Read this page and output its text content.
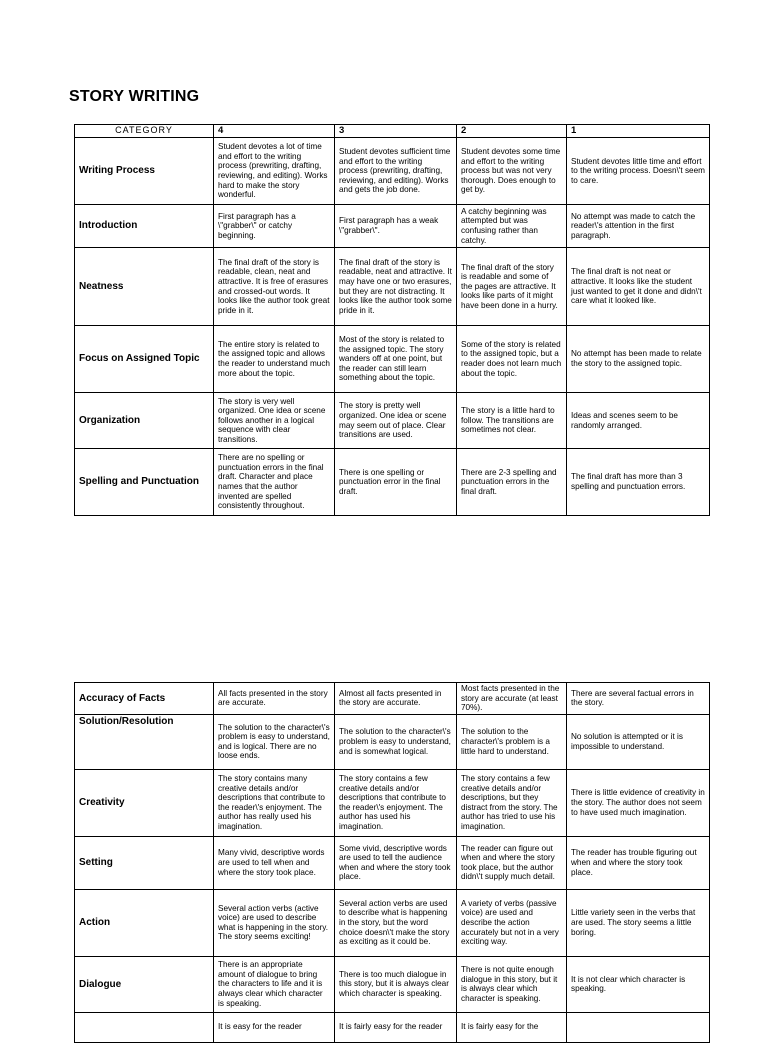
STORY WRITING
CATEGORY	4	3	2	1
Writing Process	Student devotes a lot of time and effort to the writing process (prewriting, drafting, reviewing, and editing). Works hard to make the story wonderful.	Student devotes sufficient time and effort to the writing process (prewriting, drafting, reviewing, and editing). Works and gets the job done.	Student devotes some time and effort to the writing process but was not very thorough. Does enough to get by.	Student devotes little time and effort to the writing process. Doesn\'t seem to care.
Introduction	First paragraph has a \"grabber\" or catchy beginning.	First paragraph has a weak \"grabber\".	A catchy beginning was attempted but was confusing rather than catchy.	No attempt was made to catch the reader\'s attention in the first paragraph.
Neatness	The final draft of the story is readable, clean, neat and attractive. It is free of erasures and crossed-out words. It looks like the author took great pride in it.	The final draft of the story is readable, neat and attractive. It may have one or two erasures, but they are not distracting. It looks like the author took some pride in it.	The final draft of the story is readable and some of the pages are attractive. It looks like parts of it might have been done in a hurry.	The final draft is not neat or attractive. It looks like the student just wanted to get it done and didn\'t care what it looked like.
Focus on Assigned Topic	The entire story is related to the assigned topic and allows the reader to understand much more about the topic.	Most of the story is related to the assigned topic. The story wanders off at one point, but the reader can still learn something about the topic.	Some of the story is related to the assigned topic, but a reader does not learn much about the topic.	No attempt has been made to relate the story to the assigned topic.
Organization	The story is very well organized. One idea or scene follows another in a logical sequence with clear transitions.	The story is pretty well organized. One idea or scene may seem out of place. Clear transitions are used.	The story is a little hard to follow. The transitions are sometimes not clear.	Ideas and scenes seem to be randomly arranged.
Spelling and Punctuation	There are no spelling or punctuation errors in the final draft. Character and place names that the author invented are spelled consistently throughout.	There is one spelling or punctuation error in the final draft.	There are 2-3 spelling and punctuation errors in the final draft.	The final draft has more than 3 spelling and punctuation errors.
Accuracy of Facts	All facts presented in the story are accurate.	Almost all facts presented in the story are accurate.	Most facts presented in the story are accurate (at least 70%).	There are several factual errors in the story.
Solution/Resolution	The solution to the character\'s problem is easy to understand, and is logical. There are no loose ends.	The solution to the character\'s problem is easy to understand, and is somewhat logical.	The solution to the character\'s problem is a little hard to understand.	No solution is attempted or it is impossible to understand.
Creativity	The story contains many creative details and/or descriptions that contribute to the reader\'s enjoyment. The author has really used his imagination.	The story contains a few creative details and/or descriptions that contribute to the reader\'s enjoyment. The author has used his imagination.	The story contains a few creative details and/or descriptions, but they distract from the story. The author has tried to use his imagination.	There is little evidence of creativity in the story. The author does not seem to have used much imagination.
Setting	Many vivid, descriptive words are used to tell when and where the story took place.	Some vivid, descriptive words are used to tell the audience when and where the story took place.	The reader can figure out when and where the story took place, but the author didn\'t supply much detail.	The reader has trouble figuring out when and where the story took place.
Action	Several action verbs (active voice) are used to describe what is happening in the story. The story seems exciting!	Several action verbs are used to describe what is happening in the story, but the word choice doesn\'t make the story as exciting as it could be.	A variety of verbs (passive voice) are used and describe the action accurately but not in a very exciting way.	Little variety seen in the verbs that are used. The story seems a little boring.
Dialogue	There is an appropriate amount of dialogue to bring the characters to life and it is always clear which character is speaking.	There is too much dialogue in this story, but it is always clear which character is speaking.	There is not quite enough dialogue in this story, but it is always clear which character is speaking.	It is not clear which character is speaking.
	It is easy for the reader	It is fairly easy for the reader	It is fairly easy for the	
